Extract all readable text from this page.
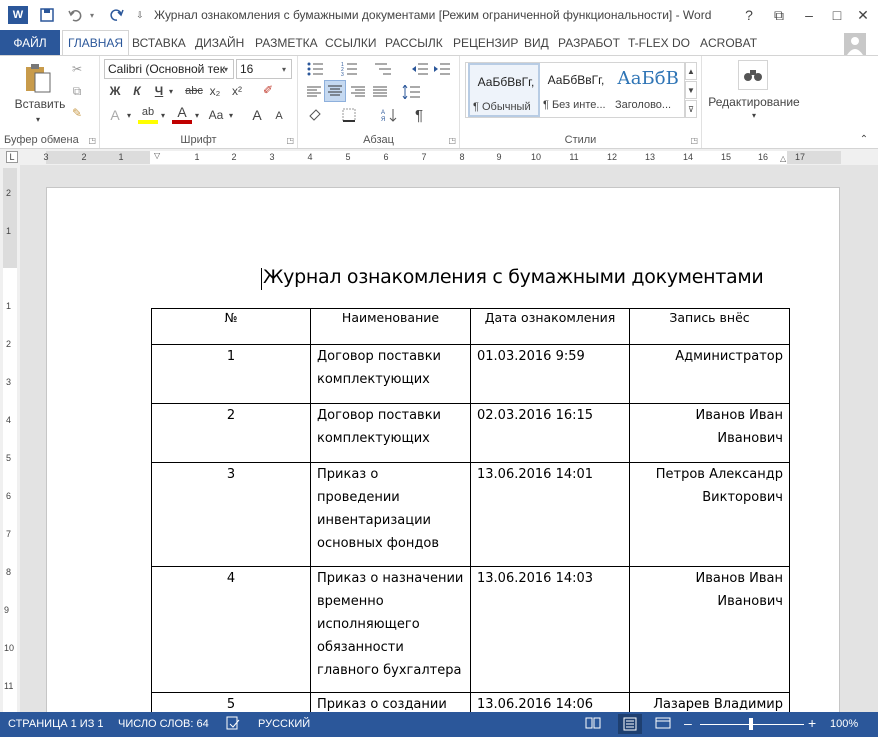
W	▾	⇩ Журнал ознакомления с бумажными документами [Режим ограниченной функциональности] - Word	?	⧉	–	□	✕
ФАЙЛ	ГЛАВНАЯ ВСТАВКА ДИЗАЙН РАЗМЕТКА ССЫЛКИ РАССЫЛК РЕЦЕНЗИР ВИД РАЗРАБОТ T-FLEX DO ACROBAT
Вставить
▾
✂
⧉
✎
Буфер обмена	◳
Calibri (Основной тек ▾	16	▾
Ж	К	Ч ▾ abc x₂ x²	✐
A ▾ ab ▾ A	▾ Aa ▾	A	A
Шрифт	◳
1
2
3
А
Я	¶
Абзац	◳
АаБбВвГг,
¶ Обычный
АаБбВвГг,
¶ Без инте...
АаБбВ
Заголово...
▲
▼
⊽
Стили	◳
Редактирование
▾
⌃
L	3	2	1	1	2	3	4	5	6	7	8	9	10	11	12	13	14	15	16	17
▽	△
2
1
1
2
3
4
5
6
7
8
9
10
11
Журнал ознакомления с бумажными документами
№	Наименование	Дата ознакомления	Запись внёс
1	Договор поставки комплектующих	01.03.2016 9:59	Администратор
2	Договор поставки комплектующих	02.03.2016 16:15	Иванов Иван Иванович
3	Приказ о проведении инвентаризации основных фондов	13.06.2016 14:01	Петров Александр Викторович
4	Приказ о назначении временно исполняющего обязанности главного бухгалтера	13.06.2016 14:03	Иванов Иван Иванович
5	Приказ о создании	13.06.2016 14:06	Лазарев Владимир
СТРАНИЦА 1 ИЗ 1 ЧИСЛО СЛОВ: 64	РУССКИЙ	–	+ 100%
